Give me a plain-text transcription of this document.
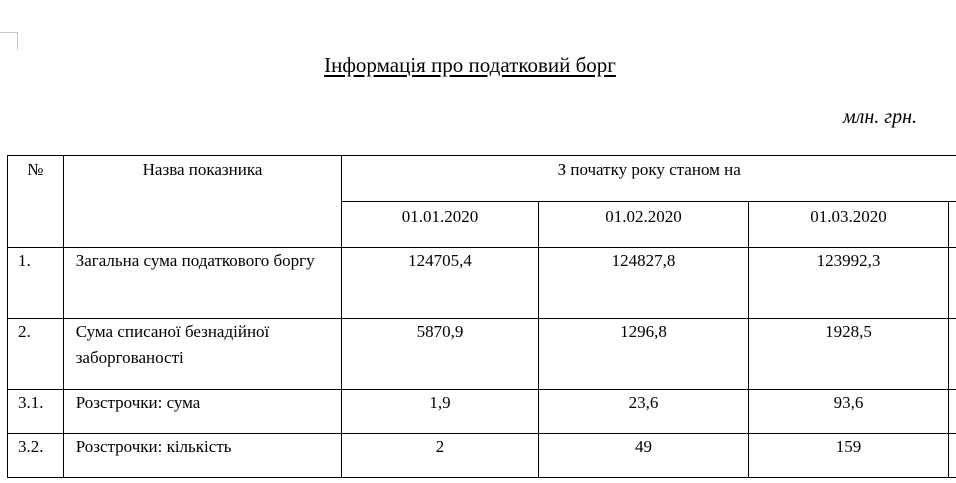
Інформація про податковий борг
млн. грн.
№	Назва показника	З початку року станом на			
		01.01.2020	01.02.2020	01.03.2020	
1.	Загальна сума податкового боргу	124705,4	124827,8	123992,3	
2.	Сума списаної безнадійної заборгованості	5870,9	1296,8	1928,5	
3.1.	Розстрочки: сума	1,9	23,6	93,6	
3.2.	Розстрочки: кількість	2	49	159	
